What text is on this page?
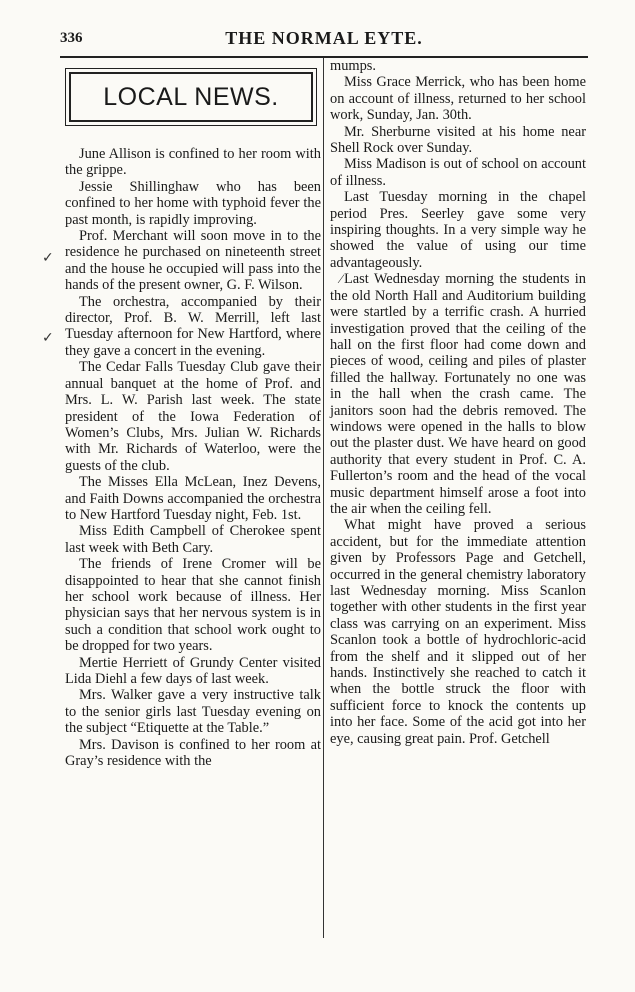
336	THE NORMAL EYTE.
✓
✓
LOCAL NEWS.

June Allison is confined to her room with the grippe.

Jessie Shillinghaw who has been confined to her home with typhoid fever the past month, is rapidly improving.

Prof. Merchant will soon move in to the residence he purchased on nineteenth street and the house he occupied will pass into the hands of the present owner, G. F. Wilson.

The orchestra, accompanied by their director, Prof. B. W. Merrill, left last Tuesday afternoon for New Hartford, where they gave a concert in the evening.

The Cedar Falls Tuesday Club gave their annual banquet at the home of Prof. and Mrs. L. W. Parish last week. The state president of the Iowa Federation of Women’s Clubs, Mrs. Julian W. Richards with Mr. Richards of Waterloo, were the guests of the club.

The Misses Ella McLean, Inez Devens, and Faith Downs accompanied the orchestra to New Hartford Tuesday night, Feb. 1st.

Miss Edith Campbell of Cherokee spent last week with Beth Cary.

The friends of Irene Cromer will be disappointed to hear that she cannot finish her school work because of illness. Her physician says that her nervous system is in such a condition that school work ought to be dropped for two years.

Mertie Herriett of Grundy Center visited Lida Diehl a few days of last week.

Mrs. Walker gave a very instructive talk to the senior girls last Tuesday evening on the subject “Etiquette at the Table.”

Mrs. Davison is confined to her room at Gray’s residence with the

mumps.

Miss Grace Merrick, who has been home on account of illness, returned to her school work, Sunday, Jan. 30th.

Mr. Sherburne visited at his home near Shell Rock over Sunday.

Miss Madison is out of school on account of illness.

Last Tuesday morning in the chapel period Pres. Seerley gave some very inspiring thoughts. In a very simple way he showed the value of using our time advantageously.

⁄ Last Wednesday morning the students in the old North Hall and Auditorium building were startled by a terrific crash. A hurried investigation proved that the ceiling of the hall on the first floor had come down and pieces of wood, ceiling and piles of plaster filled the hallway. Fortunately no one was in the hall when the crash came. The janitors soon had the debris removed. The windows were opened in the halls to blow out the plaster dust. We have heard on good authority that every student in Prof. C. A. Fullerton’s room and the head of the vocal music department himself arose a foot into the air when the ceiling fell.

What might have proved a serious accident, but for the immediate attention given by Professors Page and Getchell, occurred in the general chemistry laboratory last Wednesday morning. Miss Scanlon together with other students in the first year class was carrying on an experiment. Miss Scanlon took a bottle of hydrochloric-acid from the shelf and it slipped out of her hands. Instinctively she reached to catch it when the bottle struck the floor with sufficient force to knock the contents up into her face. Some of the acid got into her eye, causing great pain. Prof. Getchell
